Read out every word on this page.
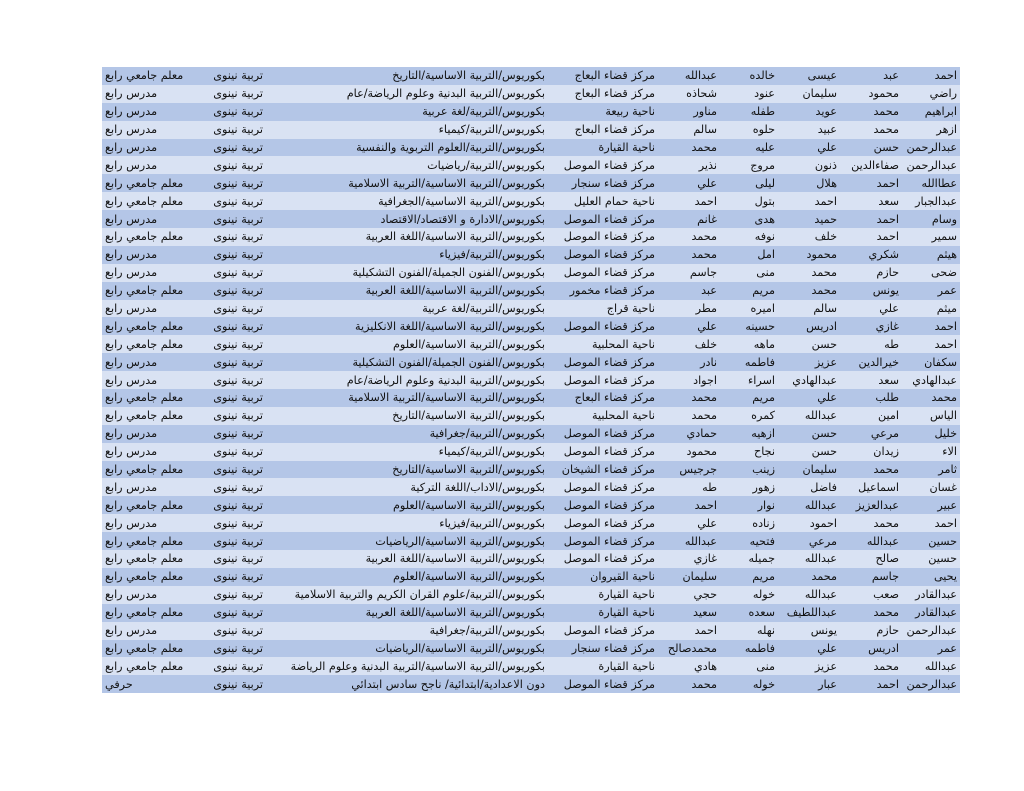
احمد	عبد	عيسى	خالده	عبدالله	مركز قضاء البعاج	بكوريوس/التربية الاساسية/التاريخ	تربية نينوى	معلم جامعي رابع
راضي	محمود	سليمان	عنود	شحاذه	مركز قضاء البعاج	بكوريوس/التربية البدنية وعلوم الرياضة/عام	تربية نينوى	مدرس رابع
ابراهيم	محمد	عويد	طفله	مناور	ناحية ربيعة	بكوريوس/التربية/لغة عربية	تربية نينوى	مدرس رابع
ازهر	محمد	عبيد	حلوه	سالم	مركز قضاء البعاج	بكوريوس/التربية/كيمياء	تربية نينوى	مدرس رابع
عبدالرحمن	حسن	علي	عليه	محمد	ناحية القيارة	بكوريوس/التربية/العلوم التربوية والنفسية	تربية نينوى	مدرس رابع
عبدالرحمن	صفاءالدين	ذنون	مروج	نذير	مركز قضاء الموصل	بكوريوس/التربية/رياضيات	تربية نينوى	مدرس رابع
عطاالله	احمد	هلال	ليلى	علي	مركز قضاء سنجار	بكوريوس/التربية الاساسية/التربية الاسلامية	تربية نينوى	معلم جامعي رابع
عبدالجبار	سعد	احمد	بتول	احمد	ناحية حمام العليل	بكوريوس/التربية الاساسية/الجغرافية	تربية نينوى	معلم جامعي رابع
وسام	احمد	حميد	هدى	غانم	مركز قضاء الموصل	بكوريوس/الادارة و الاقتصاد/الاقتصاد	تربية نينوى	مدرس رابع
سمير	احمد	خلف	نوفه	محمد	مركز قضاء الموصل	بكوريوس/التربية الاساسية/اللغة العربية	تربية نينوى	معلم جامعي رابع
هيثم	شكري	محمود	امل	محمد	مركز قضاء الموصل	بكوريوس/التربية/فيزياء	تربية نينوى	مدرس رابع
ضحى	حازم	محمد	منى	جاسم	مركز قضاء الموصل	بكوريوس/الفنون الجميلة/الفنون التشكيلية	تربية نينوى	مدرس رابع
عمر	يونس	محمد	مريم	عبد	مركز قضاء مخمور	بكوريوس/التربية الاساسية/اللغة العربية	تربية نينوى	معلم جامعي رابع
ميثم	علي	سالم	اميره	مطر	ناحية قراج	بكوريوس/التربية/لغة عربية	تربية نينوى	مدرس رابع
احمد	غازي	ادريس	حسينه	علي	مركز قضاء الموصل	بكوريوس/التربية الاساسية/اللغة الانكليزية	تربية نينوى	معلم جامعي رابع
احمد	طه	حسن	ماهه	خلف	ناحية المحلبية	بكوريوس/التربية الاساسية/العلوم	تربية نينوى	معلم جامعي رابع
سكفان	خيرالدين	عزيز	فاطمه	نادر	مركز قضاء الموصل	بكوريوس/الفنون الجميلة/الفنون التشكيلية	تربية نينوى	مدرس رابع
عبدالهادي	سعد	عبدالهادي	اسراء	اجواد	مركز قضاء الموصل	بكوريوس/التربية البدنية وعلوم الرياضة/عام	تربية نينوى	مدرس رابع
محمد	طلب	علي	مريم	محمد	مركز قضاء البعاج	بكوريوس/التربية الاساسية/التربية الاسلامية	تربية نينوى	معلم جامعي رابع
الياس	امين	عبدالله	كمره	محمد	ناحية المحلبية	بكوريوس/التربية الاساسية/التاريخ	تربية نينوى	معلم جامعي رابع
خليل	مرعي	حسن	ازهيه	حمادي	مركز قضاء الموصل	بكوريوس/التربية/جغرافية	تربية نينوى	مدرس رابع
الاء	زيدان	حسن	نجاح	محمود	مركز قضاء الموصل	بكوريوس/التربية/كيمياء	تربية نينوى	مدرس رابع
ثامر	محمد	سليمان	زينب	جرجيس	مركز قضاء الشيخان	بكوريوس/التربية الاساسية/التاريخ	تربية نينوى	معلم جامعي رابع
غسان	اسماعيل	فاضل	زهور	طه	مركز قضاء الموصل	بكوريوس/الاداب/اللغة التركية	تربية نينوى	مدرس رابع
عبير	عبدالعزيز	عبدالله	نوار	احمد	مركز قضاء الموصل	بكوريوس/التربية الاساسية/العلوم	تربية نينوى	معلم جامعي رابع
احمد	محمد	احمود	زناده	علي	مركز قضاء الموصل	بكوريوس/التربية/فيزياء	تربية نينوى	مدرس رابع
حسين	عبدالله	مرعي	فتحيه	عبدالله	مركز قضاء الموصل	بكوريوس/التربية الاساسية/الرياضيات	تربية نينوى	معلم جامعي رابع
حسين	صالح	عبدالله	جميله	غازي	مركز قضاء الموصل	بكوريوس/التربية الاساسية/اللغة العربية	تربية نينوى	معلم جامعي رابع
يحيى	جاسم	محمد	مريم	سليمان	ناحية القيروان	بكوريوس/التربية الاساسية/العلوم	تربية نينوى	معلم جامعي رابع
عبدالقادر	صعب	عبدالله	خوله	حجي	ناحية القيارة	بكوريوس/التربية/علوم القران الكريم والتربية الاسلامية	تربية نينوى	مدرس رابع
عبدالقادر	محمد	عبداللطيف	سعده	سعيد	ناحية القيارة	بكوريوس/التربية الاساسية/اللغة العربية	تربية نينوى	معلم جامعي رابع
عبدالرحمن	حازم	يونس	نهله	احمد	مركز قضاء الموصل	بكوريوس/التربية/جغرافية	تربية نينوى	مدرس رابع
عمر	ادريس	علي	فاطمه	محمدصالح	مركز قضاء سنجار	بكوريوس/التربية الاساسية/الرياضيات	تربية نينوى	معلم جامعي رابع
عبدالله	محمد	عزيز	منى	هادي	ناحية القيارة	بكوريوس/التربية الاساسية/التربية البدنية وعلوم الرياضة	تربية نينوى	معلم جامعي رابع
عبدالرحمن	احمد	عبار	خوله	محمد	مركز قضاء الموصل	دون الاعدادية/ابتدائية/ ناجح سادس ابتدائي	تربية نينوى	حرفي
